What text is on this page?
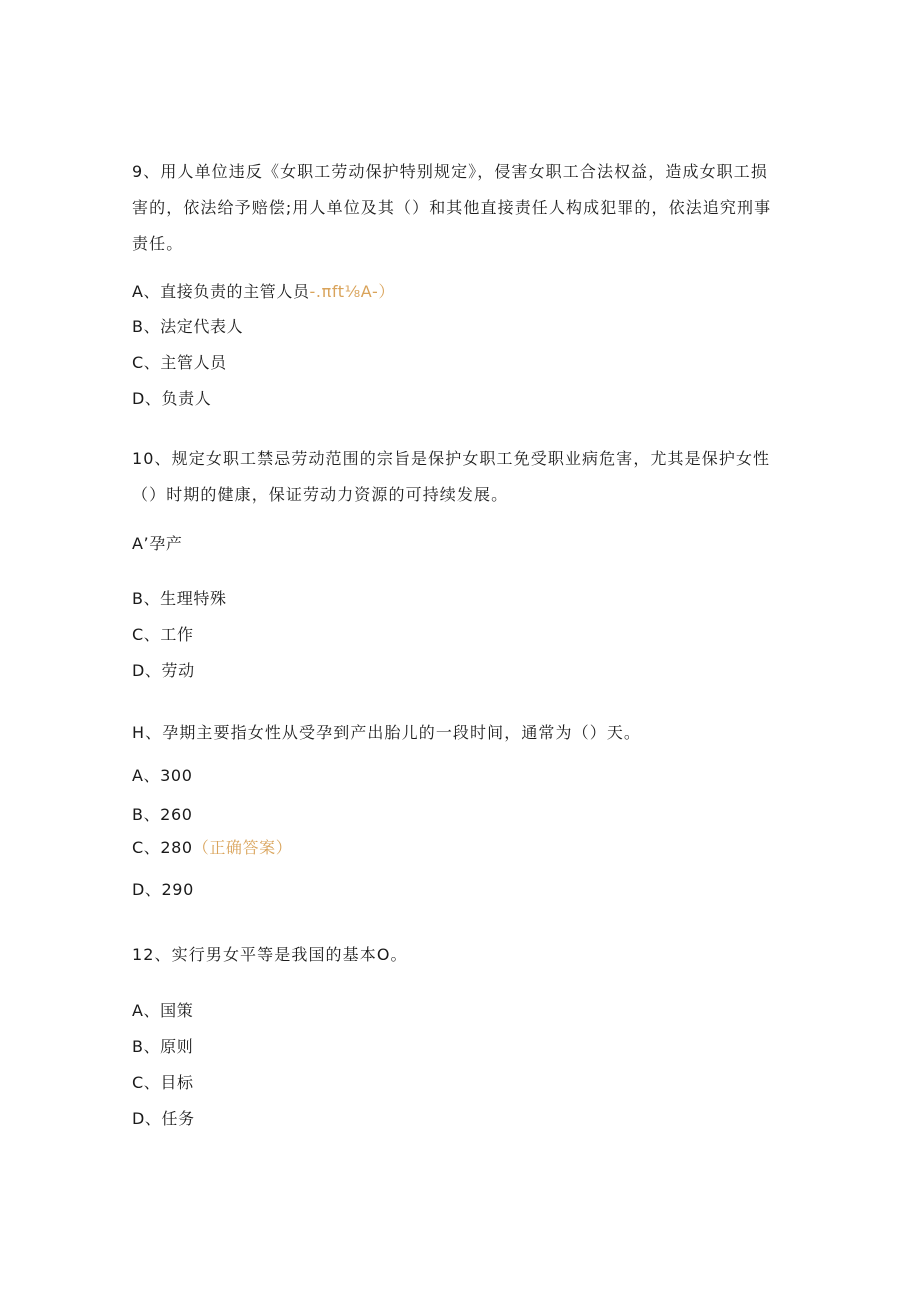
9、用人单位违反《女职工劳动保护特别规定》，侵害女职工合法权益，造成女职工损
害的，依法给予赔偿;用人单位及其（）和其他直接责任人构成犯罪的，依法追究刑事
责任。
A、直接负责的主管人员-.πft⅛A-）
B、法定代表人
C、主管人员
D、负责人
10、规定女职工禁忌劳动范围的宗旨是保护女职工免受职业病危害，尤其是保护女性
（）时期的健康，保证劳动力资源的可持续发展。
A’孕产
B、生理特殊
C、工作
D、劳动
H、孕期主要指女性从受孕到产出胎儿的一段时间，通常为（）天。
A、300
B、260
C、280（正确答案）
D、290
12、实行男女平等是我国的基本O。
A、国策
B、原则
C、目标
D、任务
